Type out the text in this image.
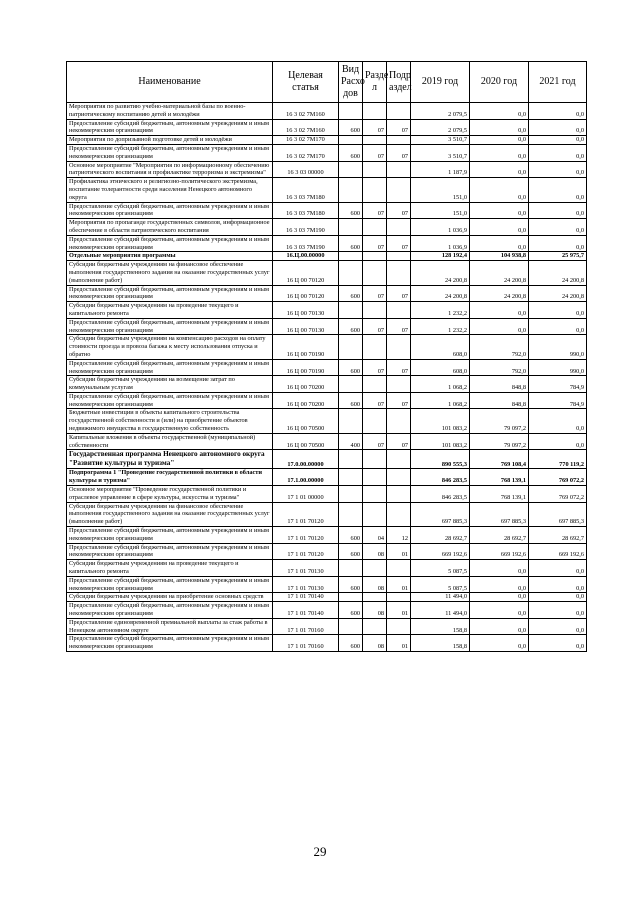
Наименование	Целевая статья	Вид Расхо дов	Разде л	Подр аздел	2019 год	2020 год	2021 год
Мероприятия по развитию учебно-материальной базы по военно-патриотическому воспитанию детей и молодёжи	16 3 02 7М160				2 079,5	0,0	0,0
Предоставление субсидий бюджетным, автономным учреждениям и иным некоммерческим организациям	16 3 02 7М160	600	07	07	2 079,5	0,0	0,0
Мероприятия по допризывной подготовке детей и молодёжи	16 3 02 7М170				3 510,7	0,0	0,0
Предоставление субсидий бюджетным, автономным учреждениям и иным некоммерческим организациям	16 3 02 7М170	600	07	07	3 510,7	0,0	0,0
Основное мероприятие "Мероприятия по информационному обеспечению патриотического воспитания и профилактике терроризма и экстремизма"	16 3 03 00000				1 187,9	0,0	0,0
Профилактика этнического и религиозно-политического экстремизма, воспитание толерантности среди населения Ненецкого автономного округа	16 3 03 7М180				151,0	0,0	0,0
Предоставление субсидий бюджетным, автономным учреждениям и иным некоммерческим организациям	16 3 03 7М180	600	07	07	151,0	0,0	0,0
Мероприятия по пропаганде государственных символов, информационное обеспечение в области патриотического воспитания	16 3 03 7М190				1 036,9	0,0	0,0
Предоставление субсидий бюджетным, автономным учреждениям и иным некоммерческим организациям	16 3 03 7М190	600	07	07	1 036,9	0,0	0,0
Отдельные мероприятия программы	16.Ц.00.00000				128 192,4	104 938,8	25 975,7
Субсидии бюджетным учреждениям на финансовое обеспечение выполнения государственного задания на оказание государственных услуг (выполнение работ)	16 Ц 00 70120				24 200,8	24 200,8	24 200,8
Предоставление субсидий бюджетным, автономным учреждениям и иным некоммерческим организациям	16 Ц 00 70120	600	07	07	24 200,8	24 200,8	24 200,8
Субсидии бюджетным учреждениям на проведение текущего и капитального ремонта	16 Ц 00 70130				1 232,2	0,0	0,0
Предоставление субсидий бюджетным, автономным учреждениям и иным некоммерческим организациям	16 Ц 00 70130	600	07	07	1 232,2	0,0	0,0
Субсидии бюджетным учреждениям на компенсацию расходов на оплату стоимости проезда и провоза багажа к месту использования отпуска и обратно	16 Ц 00 70190				608,0	792,0	990,0
Предоставление субсидий бюджетным, автономным учреждениям и иным некоммерческим организациям	16 Ц 00 70190	600	07	07	608,0	792,0	990,0
Субсидии бюджетным учреждениям на возмещение затрат по коммунальным услугам	16 Ц 00 70200				1 068,2	848,8	784,9
Предоставление субсидий бюджетным, автономным учреждениям и иным некоммерческим организациям	16 Ц 00 70200	600	07	07	1 068,2	848,8	784,9
Бюджетные инвестиции в объекты капитального строительства государственной собственности и (или) на приобретение объектов недвижимого имущества в государственную собственность	16 Ц 00 70500				101 083,2	79 097,2	0,0
Капитальные вложения в объекты государственной (муниципальной) собственности	16 Ц 00 70500	400	07	07	101 083,2	79 097,2	0,0
Государственная программа Ненецкого автономного округа "Развитие культуры и туризма"	17.0.00.00000				890 555,3	769 108,4	770 119,2
Подпрограмма 1 "Проведение государственной политики в области культуры и туризма"	17.1.00.00000				846 283,5	768 139,1	769 072,2
Основное мероприятие "Проведение государственной политики и отраслевое управление в сфере культуры, искусства и туризма"	17 1 01 00000				846 283,5	768 139,1	769 072,2
Субсидии бюджетным учреждениям на финансовое обеспечение выполнения государственного задания на оказание государственных услуг (выполнение работ)	17 1 01 70120				697 885,3	697 885,3	697 885,3
Предоставление субсидий бюджетным, автономным учреждениям и иным некоммерческим организациям	17 1 01 70120	600	04	12	28 692,7	28 692,7	28 692,7
Предоставление субсидий бюджетным, автономным учреждениям и иным некоммерческим организациям	17 1 01 70120	600	08	01	669 192,6	669 192,6	669 192,6
Субсидии бюджетным учреждениям на проведение текущего и капитального ремонта	17 1 01 70130				5 087,5	0,0	0,0
Предоставление субсидий бюджетным, автономным учреждениям и иным некоммерческим организациям	17 1 01 70130	600	08	01	5 087,5	0,0	0,0
Субсидии бюджетным учреждениям на приобретение основных средств	17 1 01 70140				11 494,0	0,0	0,0
Предоставление субсидий бюджетным, автономным учреждениям и иным некоммерческим организациям	17 1 01 70140	600	08	01	11 494,0	0,0	0,0
Предоставление единовременной премиальной выплаты за стаж работы в Ненецком автономном округе	17 1 01 70160				158,8	0,0	0,0
Предоставление субсидий бюджетным, автономным учреждениям и иным некоммерческим организациям	17 1 01 70160	600	08	01	158,8	0,0	0,0
29
